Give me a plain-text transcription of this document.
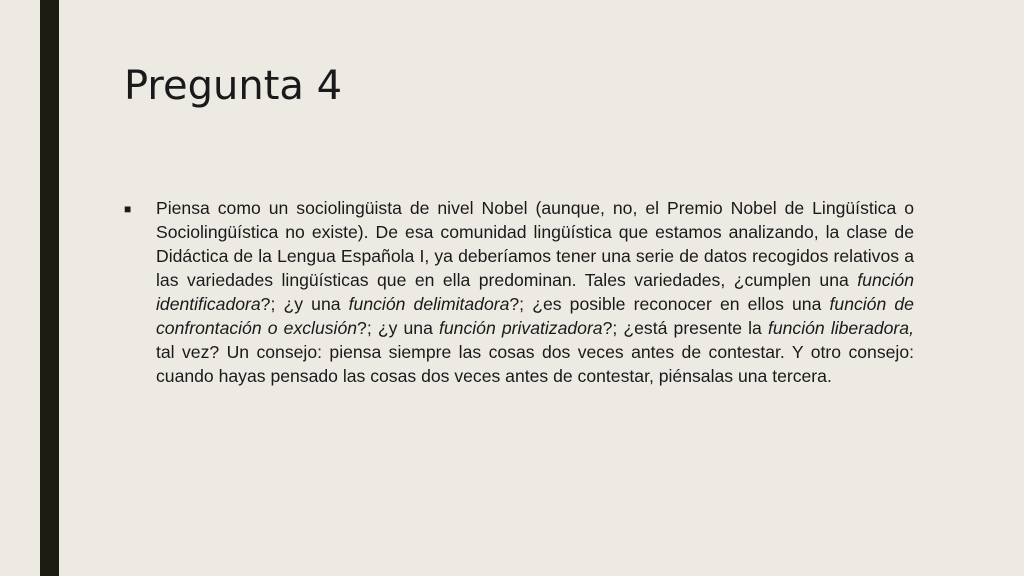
Pregunta 4
■	Piensa como un sociolingüista de nivel Nobel (aunque, no, el Premio Nobel de Lingüística o Sociolingüística no existe). De esa comunidad lingüística que estamos analizando, la clase de Didáctica de la Lengua Española I, ya deberíamos tener una serie de datos recogidos relativos a las variedades lingüísticas que en ella predominan. Tales variedades, ¿cumplen una función identificadora?; ¿y una función delimitadora?; ¿es posible reconocer en ellos una función de confrontación o exclusión?; ¿y una función privatizadora?; ¿está presente la función liberadora, tal vez? Un consejo: piensa siempre las cosas dos veces antes de contestar. Y otro consejo: cuando hayas pensado las cosas dos veces antes de contestar, piénsalas una tercera.
